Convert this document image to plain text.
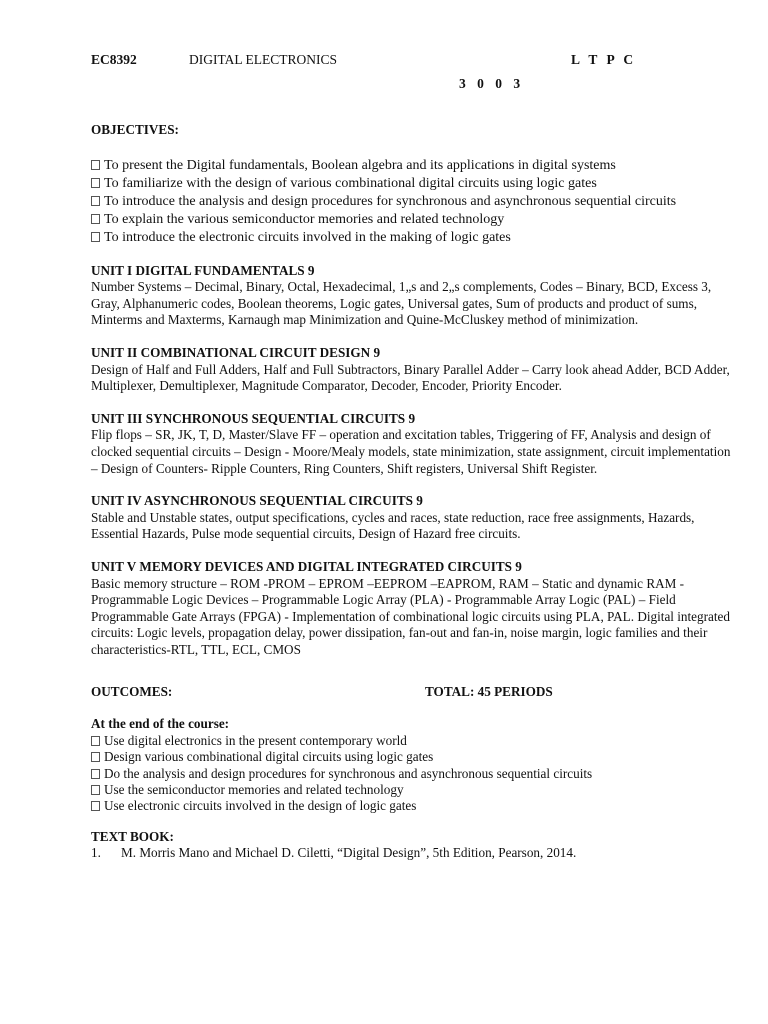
EC8392	DIGITAL ELECTRONICS	L T P C
3 0 0 3

OBJECTIVES:

To present the Digital fundamentals, Boolean algebra and its applications in digital systems
To familiarize with the design of various combinational digital circuits using logic gates
To introduce the analysis and design procedures for synchronous and asynchronous sequential circuits
To explain the various semiconductor memories and related technology
To introduce the electronic circuits involved in the making of logic gates

UNIT I DIGITAL FUNDAMENTALS 9

Number Systems – Decimal, Binary, Octal, Hexadecimal, 1„s and 2„s complements, Codes – Binary, BCD, Excess 3, Gray, Alphanumeric codes, Boolean theorems, Logic gates, Universal gates, Sum of products and product of sums, Minterms and Maxterms, Karnaugh map Minimization and Quine-McCluskey method of minimization.

UNIT II COMBINATIONAL CIRCUIT DESIGN 9

Design of Half and Full Adders, Half and Full Subtractors, Binary Parallel Adder – Carry look ahead Adder, BCD Adder, Multiplexer, Demultiplexer, Magnitude Comparator, Decoder, Encoder, Priority Encoder.

UNIT III SYNCHRONOUS SEQUENTIAL CIRCUITS 9

Flip flops – SR, JK, T, D, Master/Slave FF – operation and excitation tables, Triggering of FF, Analysis and design of clocked sequential circuits – Design - Moore/Mealy models, state minimization, state assignment, circuit implementation – Design of Counters- Ripple Counters, Ring Counters, Shift registers, Universal Shift Register.

UNIT IV ASYNCHRONOUS SEQUENTIAL CIRCUITS 9

Stable and Unstable states, output specifications, cycles and races, state reduction, race free assignments, Hazards, Essential Hazards, Pulse mode sequential circuits, Design of Hazard free circuits.

UNIT V MEMORY DEVICES AND DIGITAL INTEGRATED CIRCUITS 9

Basic memory structure – ROM -PROM – EPROM –EEPROM –EAPROM, RAM – Static and dynamic RAM - Programmable Logic Devices – Programmable Logic Array (PLA) - Programmable Array Logic (PAL) – Field Programmable Gate Arrays (FPGA) - Implementation of combinational logic circuits using PLA, PAL. Digital integrated circuits: Logic levels, propagation delay, power dissipation, fan-out and fan-in, noise margin, logic families and their characteristics-RTL, TTL, ECL, CMOS

OUTCOMES:	TOTAL: 45 PERIODS

At the end of the course:

Use digital electronics in the present contemporary world
Design various combinational digital circuits using logic gates
Do the analysis and design procedures for synchronous and asynchronous sequential circuits
Use the semiconductor memories and related technology
Use electronic circuits involved in the design of logic gates

TEXT BOOK:

1. M. Morris Mano and Michael D. Ciletti, “Digital Design”, 5th Edition, Pearson, 2014.
